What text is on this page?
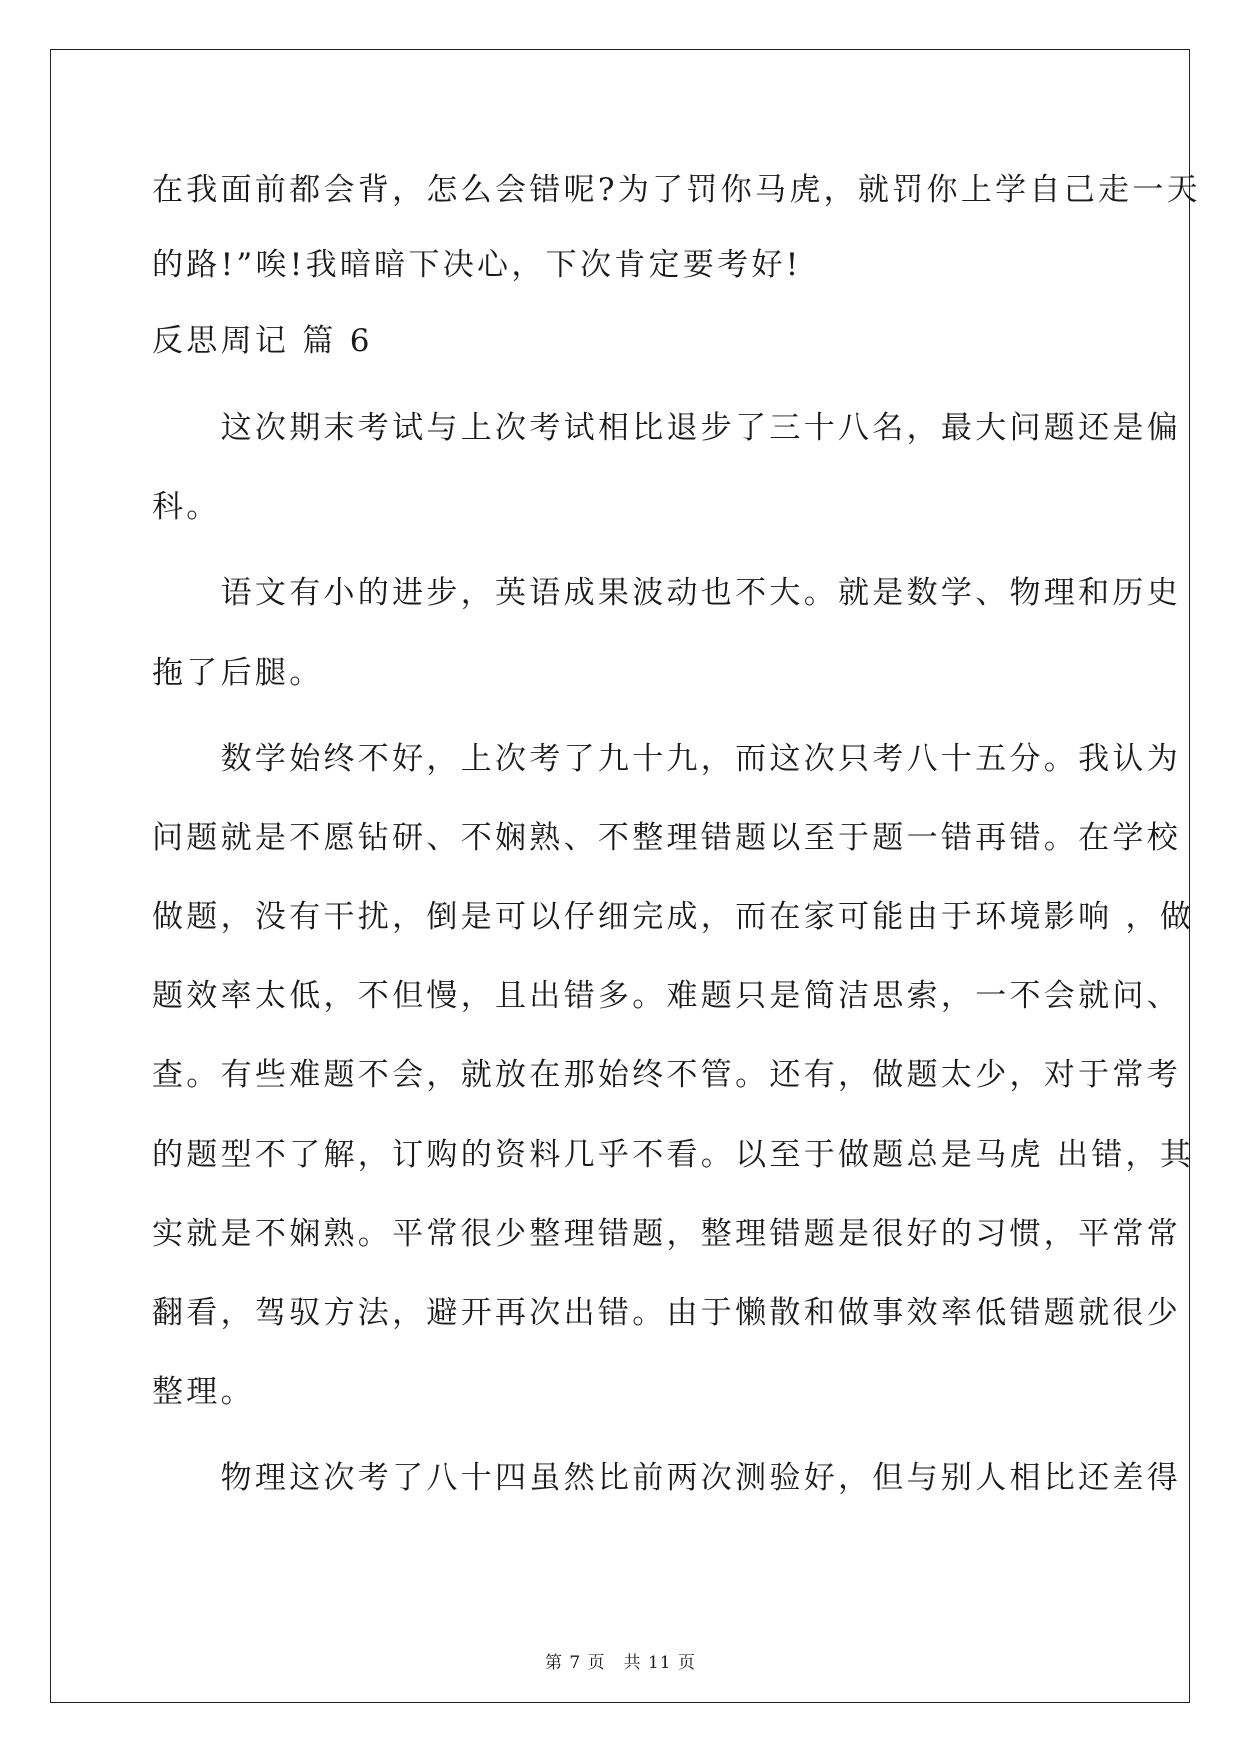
在我面前都会背，怎么会错呢?为了罚你马虎，就罚你上学自己走一天
的路!”唉!我暗暗下决心，下次肯定要考好!
反思周记 篇 6
　　这次期末考试与上次考试相比退步了三十八名，最大问题还是偏
科。
　　语文有小的进步，英语成果波动也不大。就是数学、物理和历史
拖了后腿。
　　数学始终不好，上次考了九十九，而这次只考八十五分。我认为
问题就是不愿钻研、不娴熟、不整理错题以至于题一错再错。在学校
做题，没有干扰，倒是可以仔细完成，而在家可能由于环境影响 ，做
题效率太低，不但慢，且出错多。难题只是简洁思索，一不会就问、
查。有些难题不会，就放在那始终不管。还有，做题太少，对于常考
的题型不了解，订购的资料几乎不看。以至于做题总是马虎 出错，其
实就是不娴熟。平常很少整理错题，整理错题是很好的习惯，平常常
翻看，驾驭方法，避开再次出错。由于懒散和做事效率低错题就很少
整理。
　　物理这次考了八十四虽然比前两次测验好，但与别人相比还差得
第 7 页　共 11 页
